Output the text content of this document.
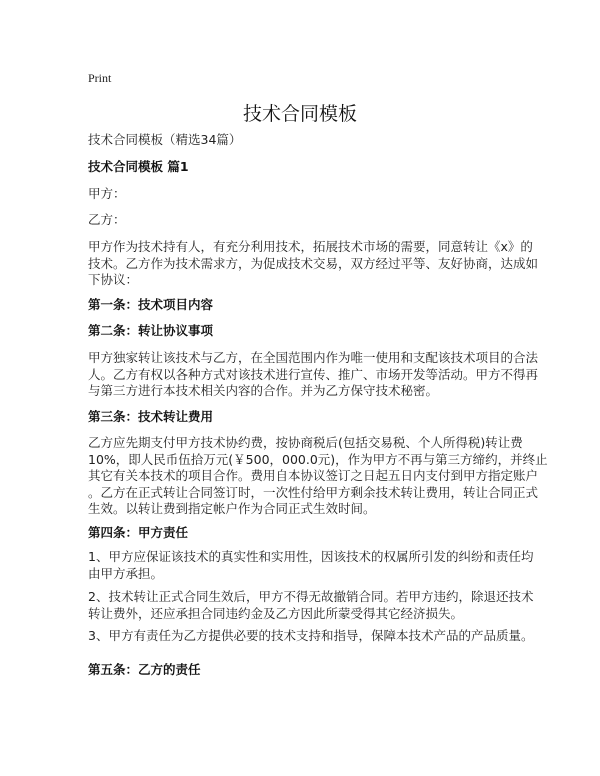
Print
技术合同模板
技术合同模板（精选34篇）
技术合同模板 篇1
甲方：
乙方：
甲方作为技术持有人，有充分利用技术，拓展技术市场的需要，同意转让《x》的
技术。乙方作为技术需求方，为促成技术交易，双方经过平等、友好协商，达成如
下协议：
第一条：技术项目内容
第二条：转让协议事项
甲方独家转让该技术与乙方，在全国范围内作为唯一使用和支配该技术项目的合法
人。乙方有权以各种方式对该技术进行宣传、推广、市场开发等活动。甲方不得再
与第三方进行本技术相关内容的合作。并为乙方保守技术秘密。
第三条：技术转让费用
乙方应先期支付甲方技术协约费，按协商税后(包括交易税、个人所得税)转让费
10%，即人民币伍拾万元(￥500，000.0元)，作为甲方不再与第三方缔约，并终止
其它有关本技术的项目合作。费用自本协议签订之日起五日内支付到甲方指定账户
。乙方在正式转让合同签订时，一次性付给甲方剩余技术转让费用，转让合同正式
生效。以转让费到指定帐户作为合同正式生效时间。
第四条：甲方责任
1、甲方应保证该技术的真实性和实用性，因该技术的权属所引发的纠纷和责任均
由甲方承担。
2、技术转让正式合同生效后，甲方不得无故撤销合同。若甲方违约，除退还技术
转让费外，还应承担合同违约金及乙方因此所蒙受得其它经济损失。
3、甲方有责任为乙方提供必要的技术支持和指导，保障本技术产品的产品质量。
第五条：乙方的责任
